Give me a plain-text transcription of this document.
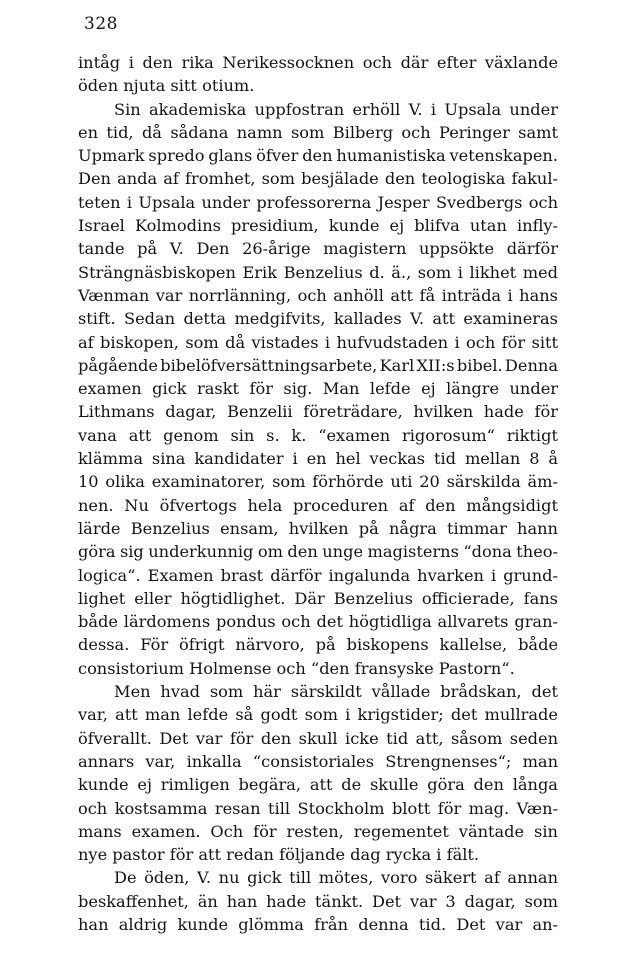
328
intåg i den rika Nerikessocknen och där efter växlande
öden njuta sitt otium.
Sin akademiska uppfostran erhöll V. i Upsala under
en tid, då sådana namn som Bilberg och Peringer samt
Upmark spredo glans öfver den humanistiska vetenskapen.
Den anda af fromhet, som besjälade den teologiska fakul-
teten i Upsala under professorerna Jesper Svedbergs och
Israel Kolmodins presidium, kunde ej blifva utan infly-
tande på V. Den 26-årige magistern uppsökte därför
Strängnäsbiskopen Erik Benzelius d. ä., som i likhet med
Vænman var norrlänning, och anhöll att få inträda i hans
stift. Sedan detta medgifvits, kallades V. att examineras
af biskopen, som då vistades i hufvudstaden i och för sitt
pågående bibelöfversättningsarbete, Karl XII:s bibel. Denna
examen gick raskt för sig. Man lefde ej längre under
Lithmans dagar, Benzelii företrädare, hvilken hade för
vana att genom sin s. k. “examen rigorosum“ riktigt
klämma sina kandidater i en hel veckas tid mellan 8 å
10 olika examinatorer, som förhörde uti 20 särskilda äm-
nen. Nu öfvertogs hela proceduren af den mångsidigt
lärde Benzelius ensam, hvilken på några timmar hann
göra sig underkunnig om den unge magisterns “dona theo-
logica“. Examen brast därför ingalunda hvarken i grund-
lighet eller högtidlighet. Där Benzelius officierade, fans
både lärdomens pondus och det högtidliga allvarets gran-
dessa. För öfrigt närvoro, på biskopens kallelse, både
consistorium Holmense och “den fransyske Pastorn“.
Men hvad som här särskildt vållade brådskan, det
var, att man lefde så godt som i krigstider; det mullrade
öfverallt. Det var för den skull icke tid att, såsom seden
annars var, inkalla “consistoriales Strengnenses“; man
kunde ej rimligen begära, att de skulle göra den långa
och kostsamma resan till Stockholm blott för mag. Væn-
mans examen. Och för resten, regementet väntade sin
nye pastor för att redan följande dag rycka i fält.
De öden, V. nu gick till mötes, voro säkert af annan
beskaffenhet, än han hade tänkt. Det var 3 dagar, som
han aldrig kunde glömma från denna tid. Det var an-
